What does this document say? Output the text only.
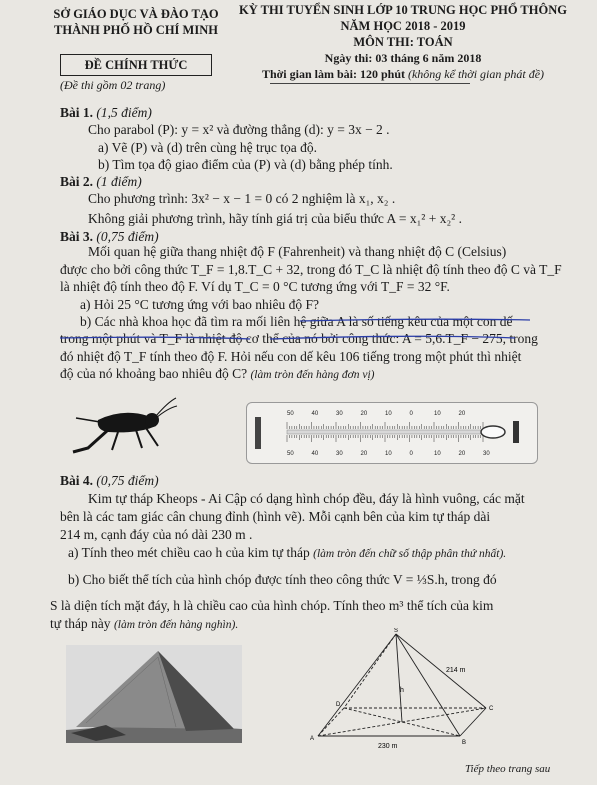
SỞ GIÁO DỤC VÀ ĐÀO TẠO
THÀNH PHỐ HỒ CHÍ MINH
KỲ THI TUYỂN SINH LỚP 10 TRUNG HỌC PHỔ THÔNG
NĂM HỌC 2018 - 2019
MÔN THI: TOÁN
Ngày thi: 03 tháng 6 năm 2018
Thời gian làm bài: 120 phút (không kể thời gian phát đề)
ĐỀ CHÍNH THỨC
(Đề thi gồm 02 trang)
Bài 1. (1,5 điểm)
Cho parabol (P): y = x² và đường thẳng (d): y = 3x − 2 .
a) Vẽ (P) và (d) trên cùng hệ trục tọa độ.
b) Tìm tọa độ giao điểm của (P) và (d) bằng phép tính.
Bài 2. (1 điểm)
Cho phương trình: 3x² − x − 1 = 0 có 2 nghiệm là x₁, x₂ .
Không giải phương trình, hãy tính giá trị của biểu thức A = x₁² + x₂² .
Bài 3. (0,75 điểm)
Mối quan hệ giữa thang nhiệt độ F (Fahrenheit) và thang nhiệt độ C (Celsius)
được cho bởi công thức T_F = 1,8.T_C + 32, trong đó T_C là nhiệt độ tính theo độ C và T_F
là nhiệt độ tính theo độ F. Ví dụ T_C = 0 °C tương ứng với T_F = 32 °F.
a) Hỏi 25 °C tương ứng với bao nhiêu độ F?
b) Các nhà khoa học đã tìm ra mối liên hệ giữa A là số tiếng kêu của một con dế
trong một phút và T_F là nhiệt độ cơ thể của nó bởi công thức: A = 5,6.T_F − 275, trong
đó nhiệt độ T_F tính theo độ F. Hỏi nếu con dế kêu 106 tiếng trong một phút thì nhiệt
độ của nó khoảng bao nhiêu độ C? (làm tròn đến hàng đơn vị)
50	40	30	20	10	0	10	20
50	40	30	20	10	0	10	20	30
Bài 4. (0,75 điểm)
Kim tự tháp Kheops - Ai Cập có dạng hình chóp đều, đáy là hình vuông, các mặt
bên là các tam giác cân chung đỉnh (hình vẽ). Mỗi cạnh bên của kim tự tháp dài
214 m, cạnh đáy của nó dài 230 m .
a) Tính theo mét chiều cao h của kim tự tháp (làm tròn đến chữ số thập phân thứ nhất).
b) Cho biết thể tích của hình chóp được tính theo công thức V = ⅓S.h, trong đó
S là diện tích mặt đáy, h là chiều cao của hình chóp. Tính theo m³ thể tích của kim
tự tháp này (làm tròn đến hàng nghìn).	S
h
214 m
230 m
A
B
C
D
Tiếp theo trang sau
